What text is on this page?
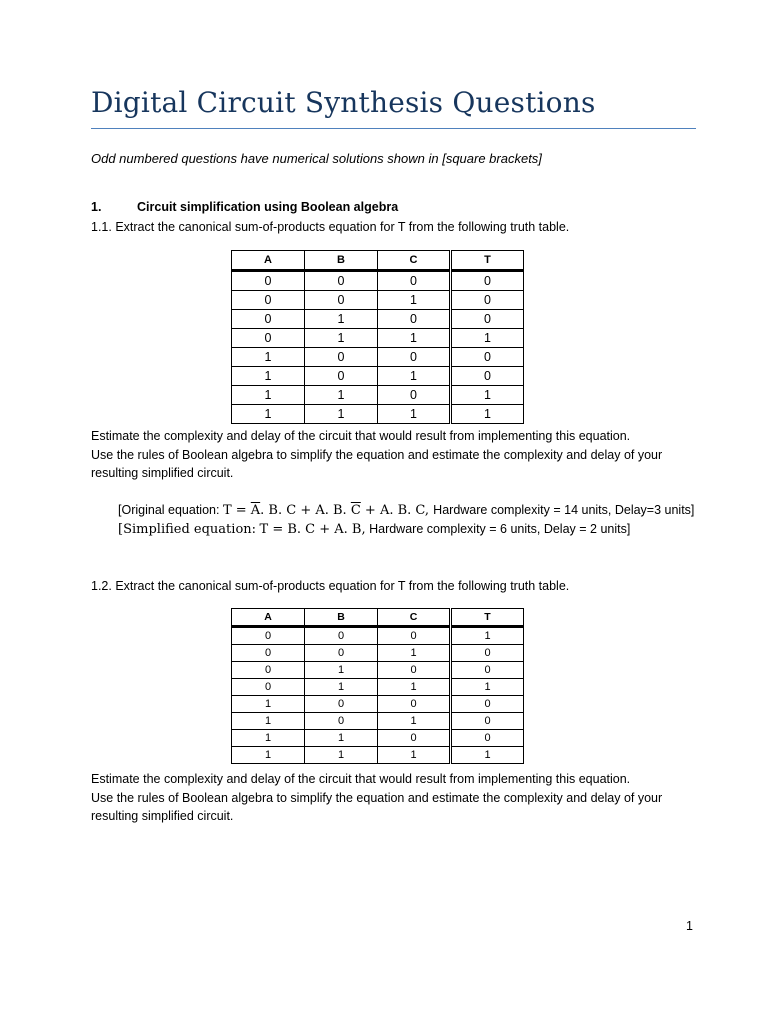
Digital Circuit Synthesis Questions
Odd numbered questions have numerical solutions shown in [square brackets]
1.	Circuit simplification using Boolean algebra
1.1. Extract the canonical sum-of-products equation for T from the following truth table.
A	B	C	T
0	0	0	0
0	0	1	0
0	1	0	0
0	1	1	1
1	0	0	0
1	0	1	0
1	1	0	1
1	1	1	1
Estimate the complexity and delay of the circuit that would result from implementing this equation.
Use the rules of Boolean algebra to simplify the equation and estimate the complexity and delay of your
resulting simplified circuit.
[Original equation: $T = \overline{A}$. B. C + A. B. $\overline{C} + A$. B. C, Hardware complexity = 14 units, Delay=3 units]
[Simplified equation: T = B. C + A. B, Hardware complexity = 6 units, Delay = 2 units]
1.2. Extract the canonical sum-of-products equation for T from the following truth table.
A	B	C	T
0	0	0	1
0	0	1	0
0	1	0	0
0	1	1	1
1	0	0	0
1	0	1	0
1	1	0	0
1	1	1	1
Estimate the complexity and delay of the circuit that would result from implementing this equation.
Use the rules of Boolean algebra to simplify the equation and estimate the complexity and delay of your
resulting simplified circuit.
1
